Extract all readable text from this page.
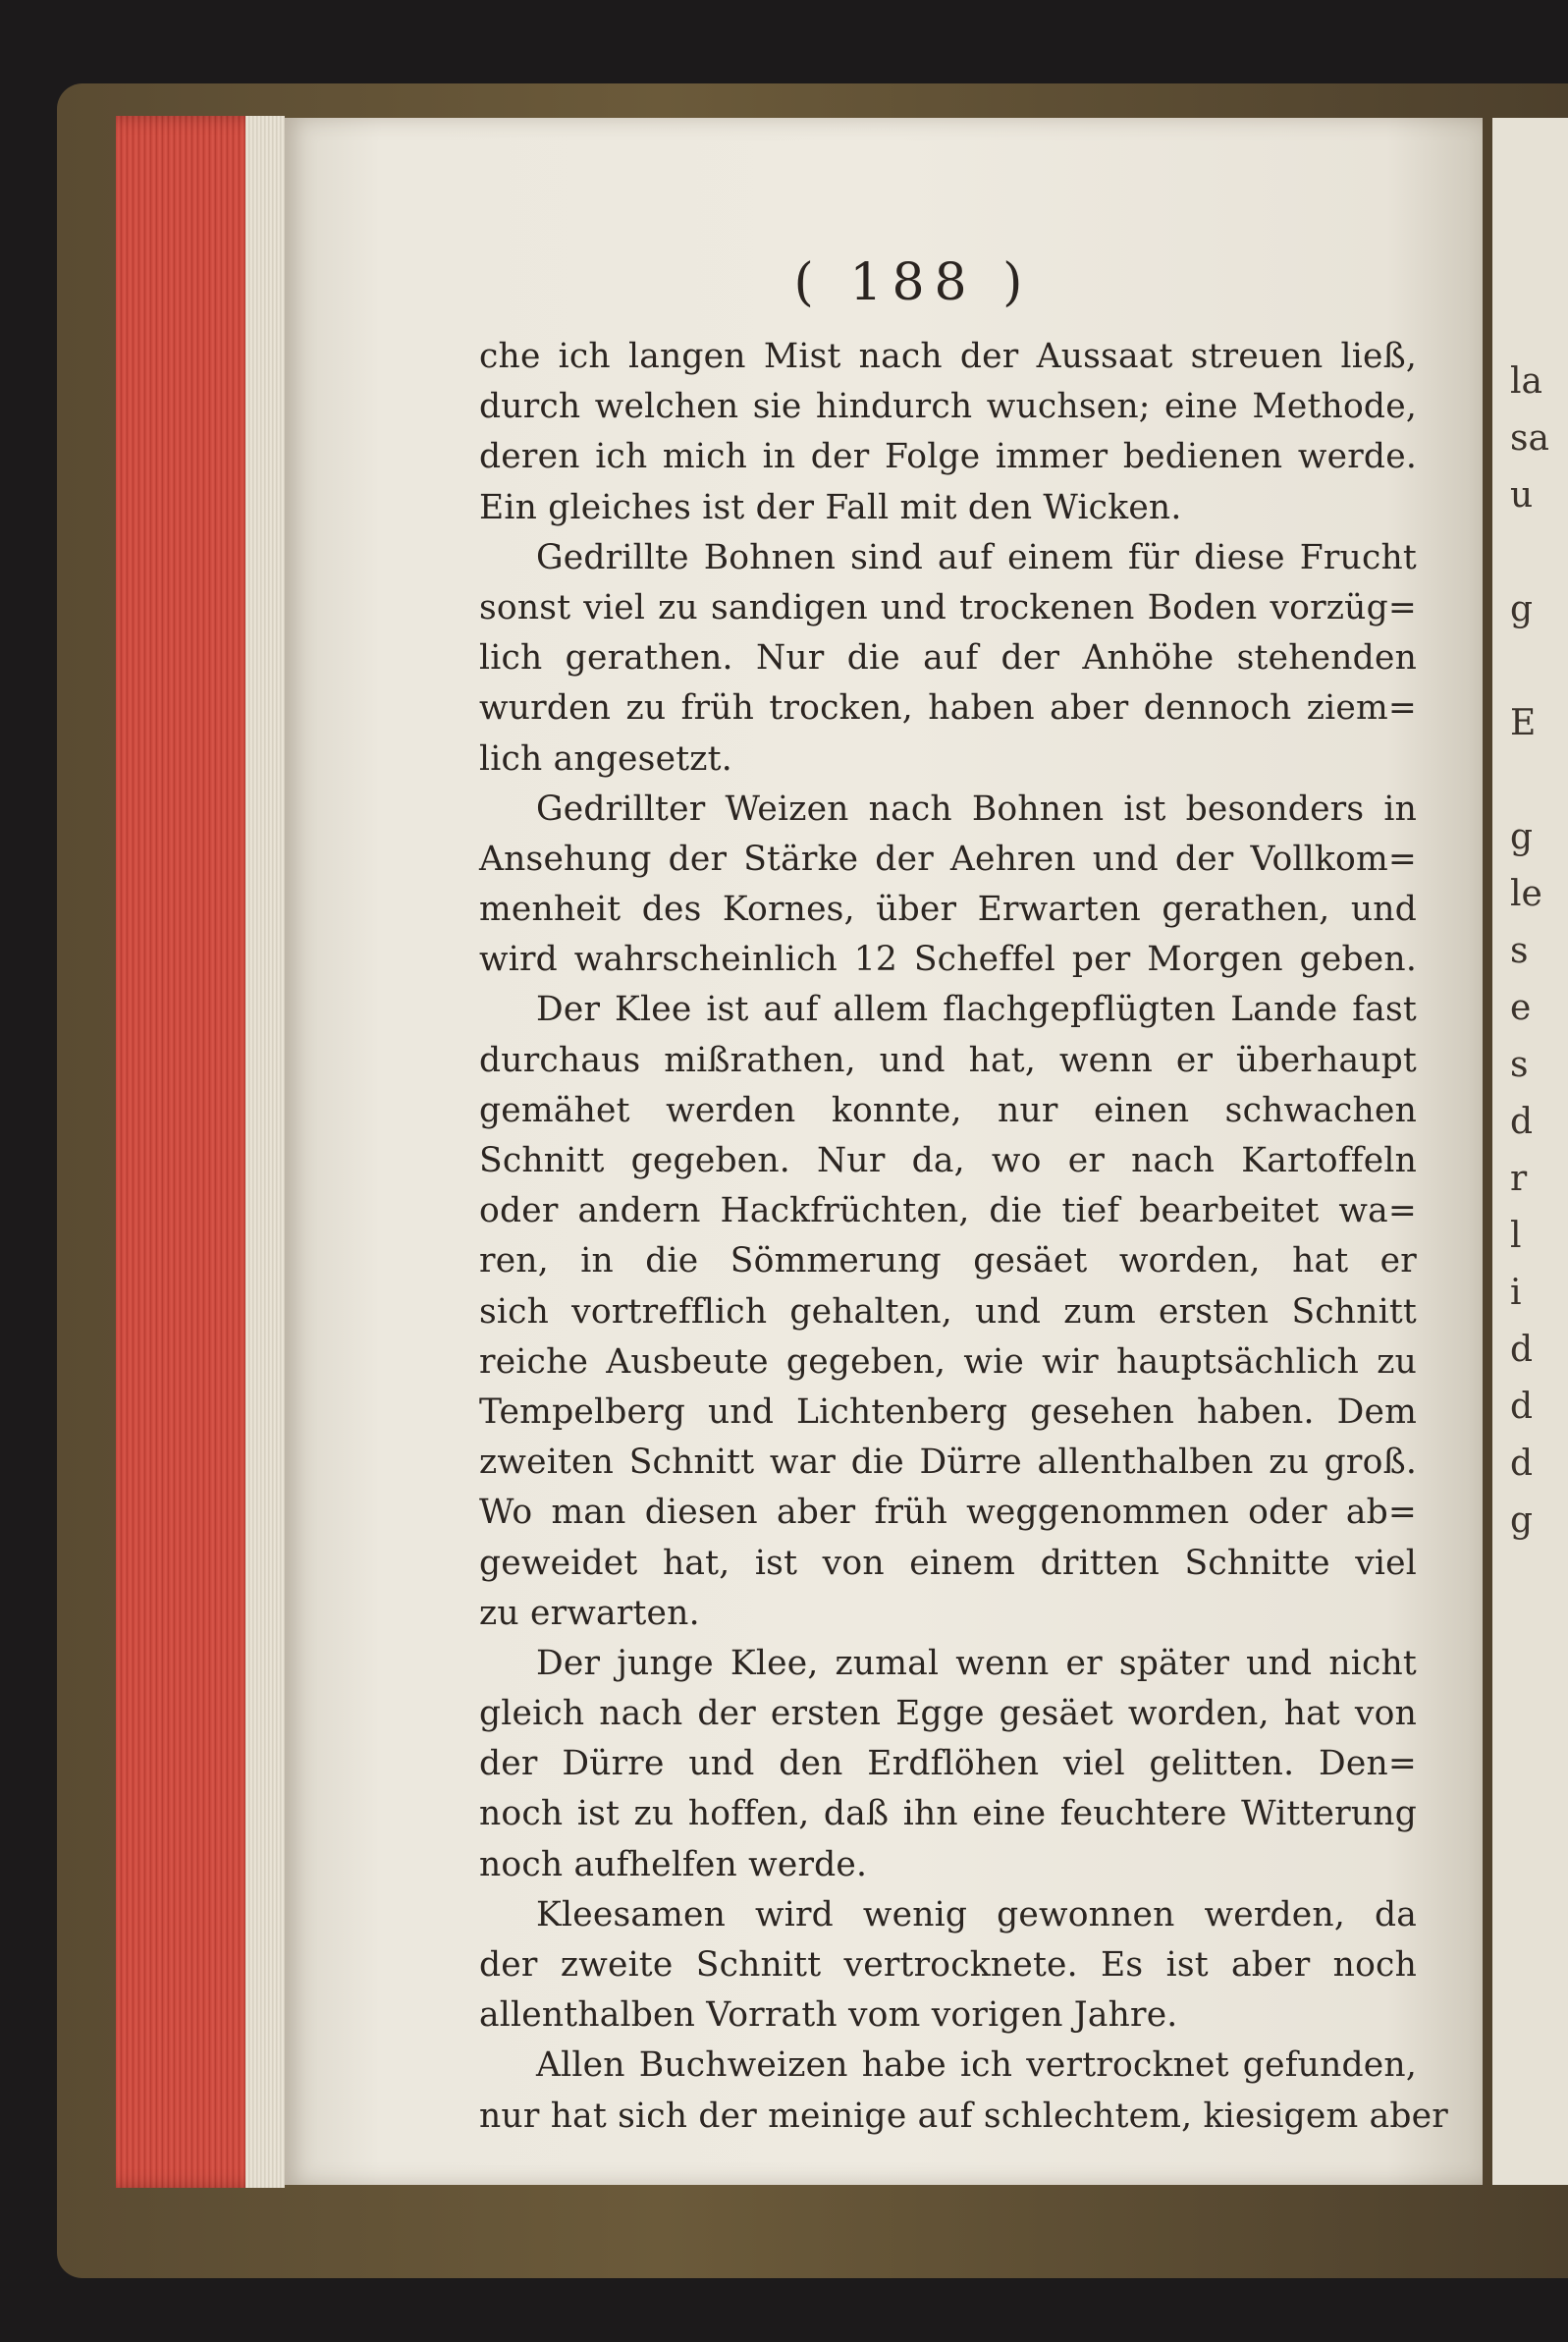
( 188 )
che ich langen Mist nach der Aussaat streuen ließ,
durch welchen sie hindurch wuchsen; eine Methode,
deren ich mich in der Folge immer bedienen werde.
Ein gleiches ist der Fall mit den Wicken.
Gedrillte Bohnen sind auf einem für diese Frucht
sonst viel zu sandigen und trockenen Boden vorzüg=
lich gerathen. Nur die auf der Anhöhe stehenden
wurden zu früh trocken, haben aber dennoch ziem=
lich angesetzt.
Gedrillter Weizen nach Bohnen ist besonders in
Ansehung der Stärke der Aehren und der Vollkom=
menheit des Kornes, über Erwarten gerathen, und
wird wahrscheinlich 12 Scheffel per Morgen geben.
Der Klee ist auf allem flachgepflügten Lande fast
durchaus mißrathen, und hat, wenn er überhaupt
gemähet werden konnte, nur einen schwachen
Schnitt gegeben. Nur da, wo er nach Kartoffeln
oder andern Hackfrüchten, die tief bearbeitet wa=
ren, in die Sömmerung gesäet worden, hat er
sich vortrefflich gehalten, und zum ersten Schnitt
reiche Ausbeute gegeben, wie wir hauptsächlich zu
Tempelberg und Lichtenberg gesehen haben. Dem
zweiten Schnitt war die Dürre allenthalben zu groß.
Wo man diesen aber früh weggenommen oder ab=
geweidet hat, ist von einem dritten Schnitte viel
zu erwarten.
Der junge Klee, zumal wenn er später und nicht
gleich nach der ersten Egge gesäet worden, hat von
der Dürre und den Erdflöhen viel gelitten. Den=
noch ist zu hoffen, daß ihn eine feuchtere Witterung
noch aufhelfen werde.
Kleesamen wird wenig gewonnen werden, da
der zweite Schnitt vertrocknete. Es ist aber noch
allenthalben Vorrath vom vorigen Jahre.
Allen Buchweizen habe ich vertrocknet gefunden,
nur hat sich der meinige auf schlechtem, kiesigem aber
la
sa
u
g
E
g
le
s
e
s
d
r
l
i
d
d
d
g
